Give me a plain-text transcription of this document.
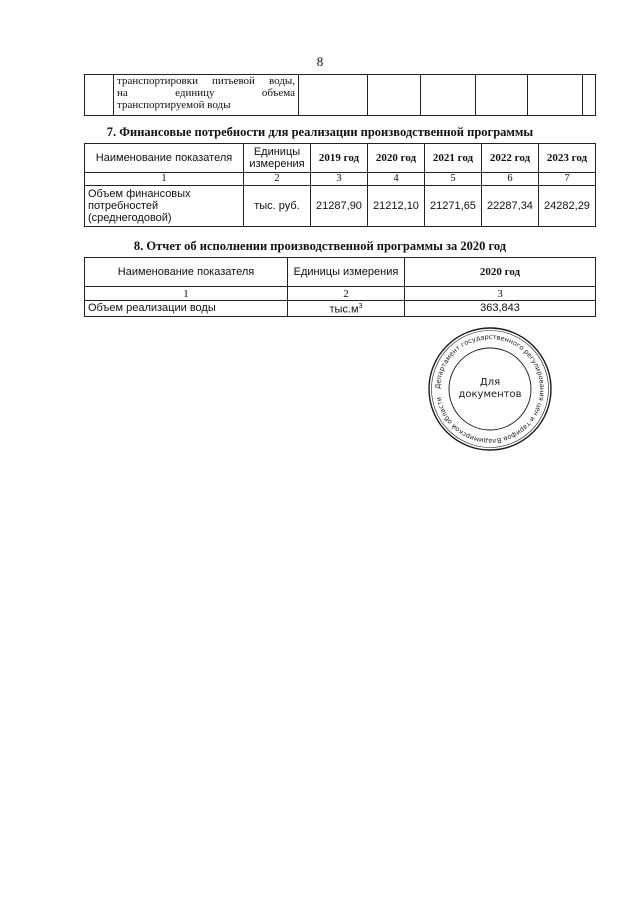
8

транспортировки питьевой воды,
на единицу объема
транспортируемой воды

7. Финансовые потребности для реализации производственной программы
Наименование показателя	Единицы измерения	2019 год	2020 год	2021 год	2022 год	2023 год
1	2	3	4	5	6	7
Объем финансовых потребностей (среднегодовой)	тыс. руб.	21287,90	21212,10	21271,65	22287,34	24282,29
8. Отчет об исполнении производственной программы за 2020 год
Наименование показателя	Единицы измерения	2020 год
1	2	3
Объем реализации воды	$тыс.м^3$	363,843
Департамент государственного регулирования цен и тарифов Владимирской области
Для
документов
